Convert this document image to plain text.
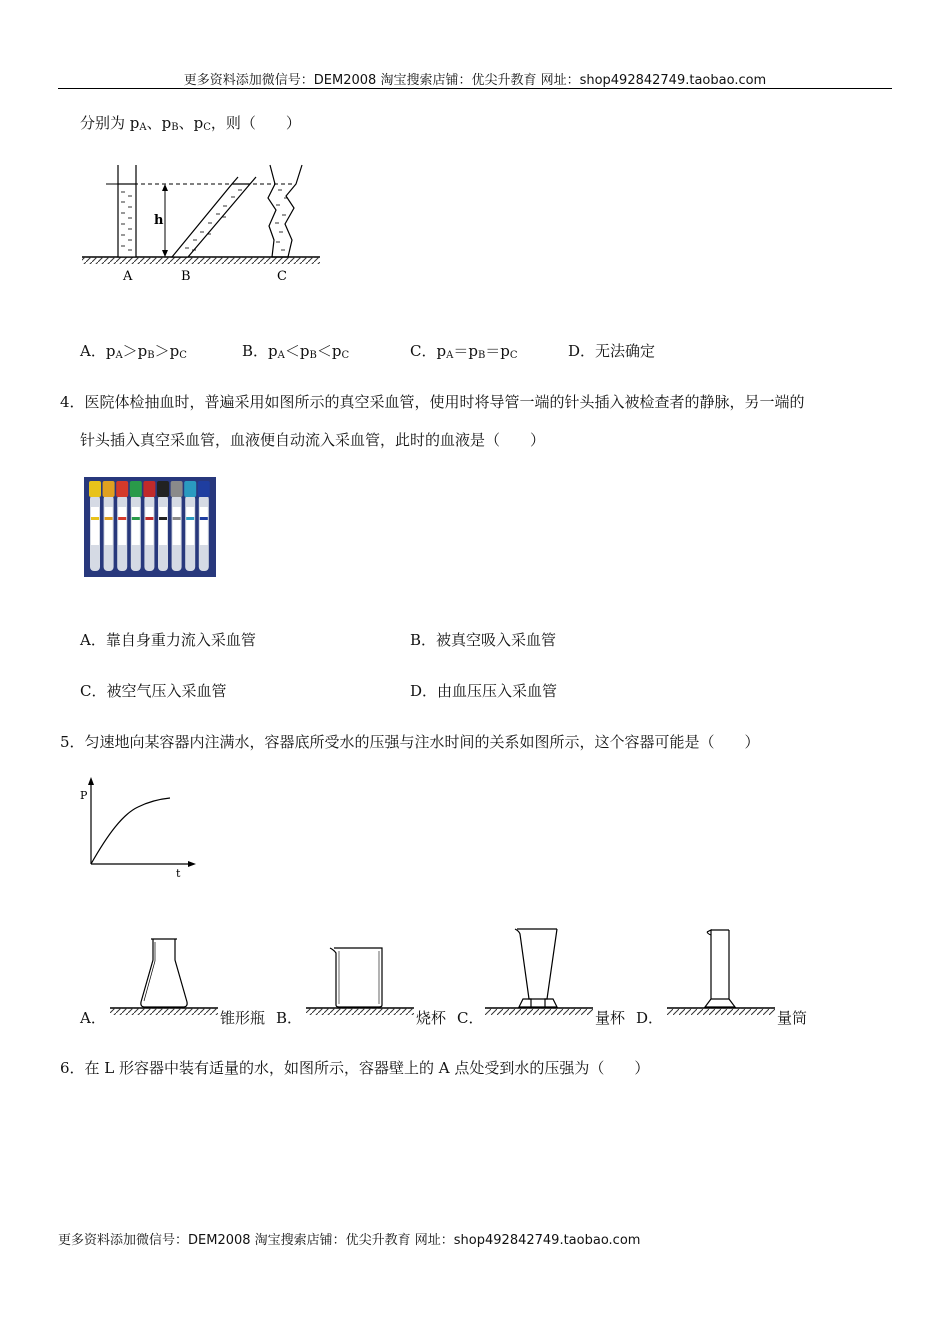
更多资料添加微信号：DEM2008 淘宝搜索店铺：优尖升教育 网址：shop492842749.taobao.com
分别为 $p_A$、$p_B$、$p_C$，则（　　）
h
A	B	C
A．$p_A>p_B>p_C$	B．$p_A<p_B<p_C$	C．$p_A=p_B=p_C$	D．无法确定
4．医院体检抽血时，普遍采用如图所示的真空采血管，使用时将导管一端的针头插入被检查者的静脉，另一端的
针头插入真空采血管，血液便自动流入采血管，此时的血液是（　　）
A．靠自身重力流入采血管	B．被真空吸入采血管
C．被空气压入采血管	D．由血压压入采血管
5．匀速地向某容器内注满水，容器底所受水的压强与注水时间的关系如图所示，这个容器可能是（　　）
P
t
A．	锥形瓶 B．	烧杯 C．	量杯 D．	量筒
6．在 L 形容器中装有适量的水，如图所示，容器壁上的 A 点处受到水的压强为（　　）
更多资料添加微信号：DEM2008 淘宝搜索店铺：优尖升教育 网址：shop492842749.taobao.com
